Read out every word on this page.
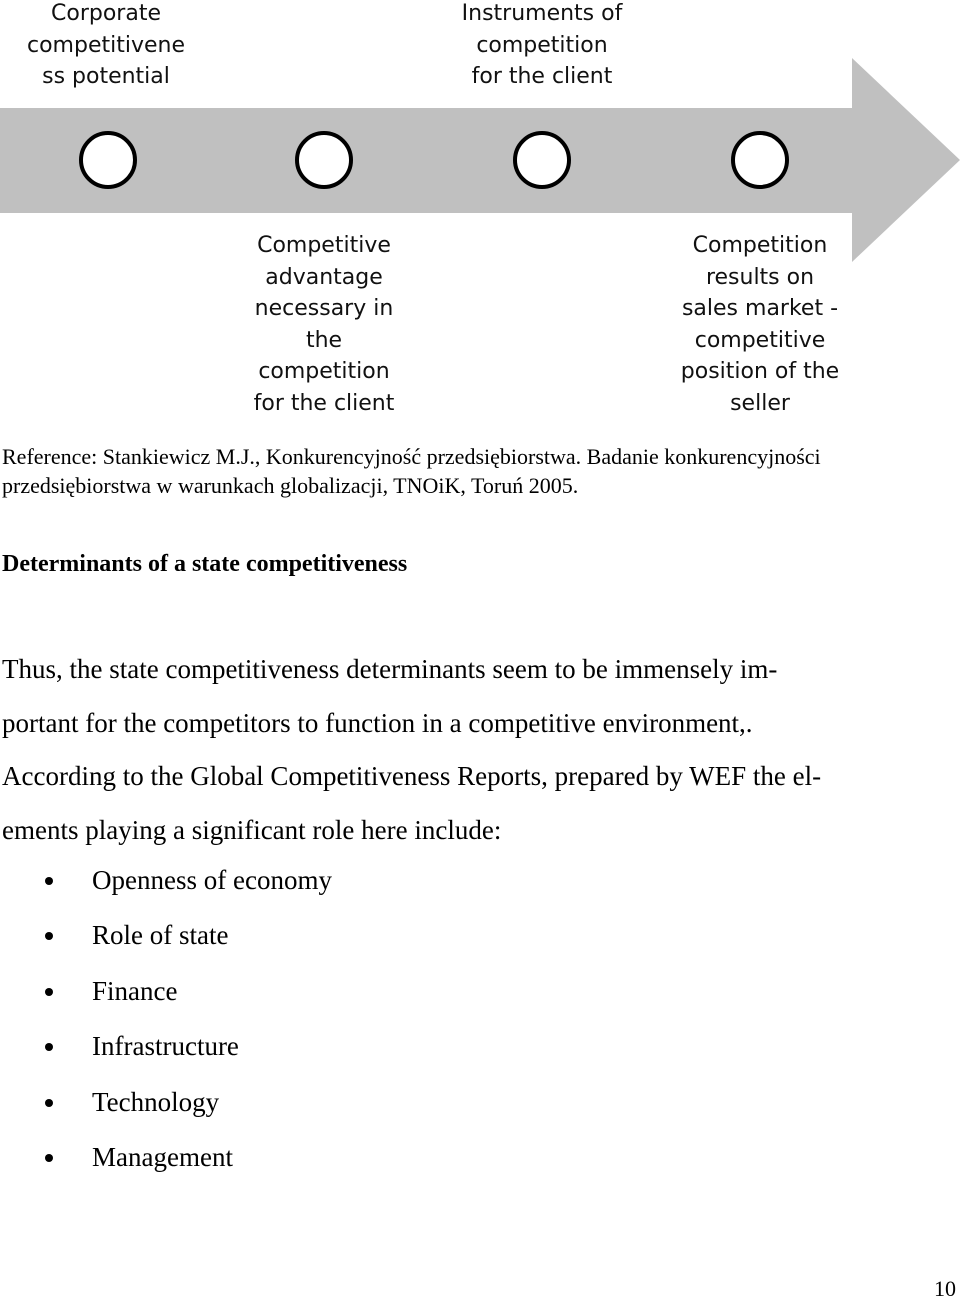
Corporate
competitivene
ss potential
Instruments of
competition
for the client
Competitive
advantage
necessary in
the
competition
for the client
Competition
results on
sales market -
competitive
position of the
seller
Reference: Stankiewicz M.J., Konkurencyjność przedsiębiorstwa. Badanie konkurencyjności
przedsiębiorstwa w warunkach globalizacji, TNOiK, Toruń 2005.
Determinants of a state competitiveness
Thus, the state competitiveness determinants seem to be immensely im-
portant for the competitors to function in a competitive environment,.
According to the Global Competitiveness Reports, prepared by WEF the el-
ements playing a significant role here include:
Openness of economy
Role of state
Finance
Infrastructure
Technology
Management
10
